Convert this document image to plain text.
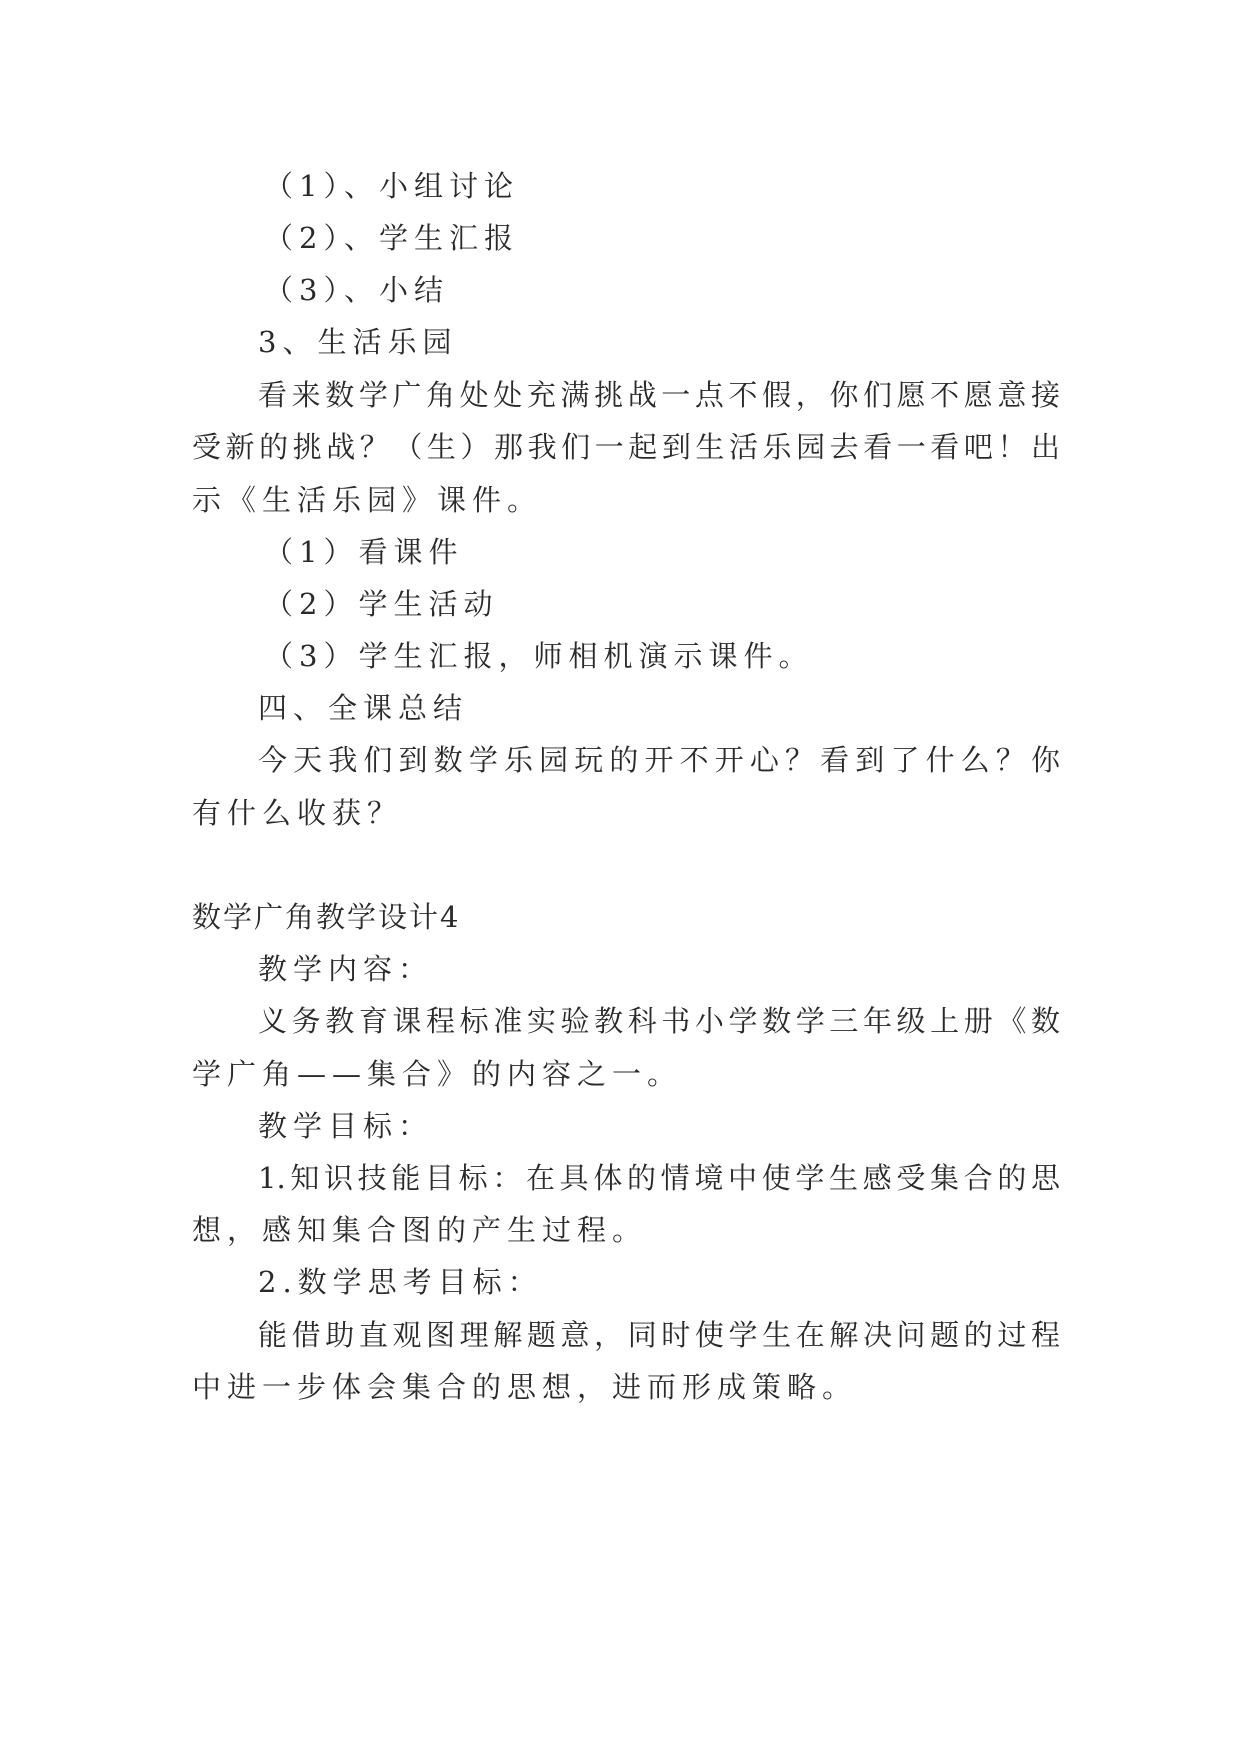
（1）、小组讨论
（2）、学生汇报
（3）、小结
3、生活乐园
看来数学广角处处充满挑战一点不假，你们愿不愿意接
受新的挑战？（生）那我们一起到生活乐园去看一看吧！出
示《生活乐园》课件。
（1）看课件
（2）学生活动
（3）学生汇报，师相机演示课件。
四、全课总结
今天我们到数学乐园玩的开不开心？看到了什么？你
有什么收获？
数学广角教学设计4
教学内容：
义务教育课程标准实验教科书小学数学三年级上册《数
学广角——集合》的内容之一。
教学目标：
1.知识技能目标：在具体的情境中使学生感受集合的思
想，感知集合图的产生过程。
2.数学思考目标：
能借助直观图理解题意，同时使学生在解决问题的过程
中进一步体会集合的思想，进而形成策略。
